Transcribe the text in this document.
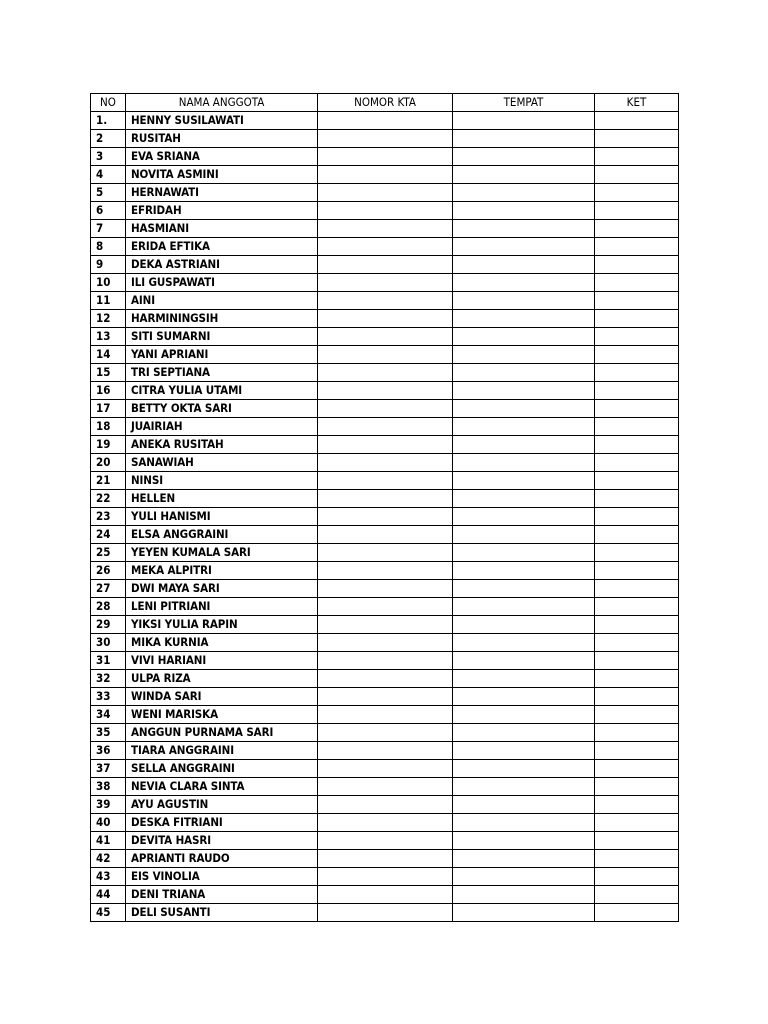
NO	NAMA ANGGOTA	NOMOR KTA	TEMPAT	KET
1.	HENNY SUSILAWATI			
2	RUSITAH			
3	EVA SRIANA			
4	NOVITA ASMINI			
5	HERNAWATI			
6	EFRIDAH			
7	HASMIANI			
8	ERIDA EFTIKA			
9	DEKA ASTRIANI			
10	ILI GUSPAWATI			
11	AINI			
12	HARMININGSIH			
13	SITI SUMARNI			
14	YANI APRIANI			
15	TRI SEPTIANA			
16	CITRA YULIA UTAMI			
17	BETTY OKTA SARI			
18	JUAIRIAH			
19	ANEKA RUSITAH			
20	SANAWIAH			
21	NINSI			
22	HELLEN			
23	YULI HANISMI			
24	ELSA ANGGRAINI			
25	YEYEN KUMALA SARI			
26	MEKA ALPITRI			
27	DWI MAYA SARI			
28	LENI PITRIANI			
29	YIKSI YULIA RAPIN			
30	MIKA KURNIA			
31	VIVI HARIANI			
32	ULPA RIZA			
33	WINDA SARI			
34	WENI MARISKA			
35	ANGGUN PURNAMA SARI			
36	TIARA ANGGRAINI			
37	SELLA ANGGRAINI			
38	NEVIA CLARA SINTA			
39	AYU AGUSTIN			
40	DESKA FITRIANI			
41	DEVITA HASRI			
42	APRIANTI RAUDO			
43	EIS VINOLIA			
44	DENI TRIANA			
45	DELI SUSANTI			
